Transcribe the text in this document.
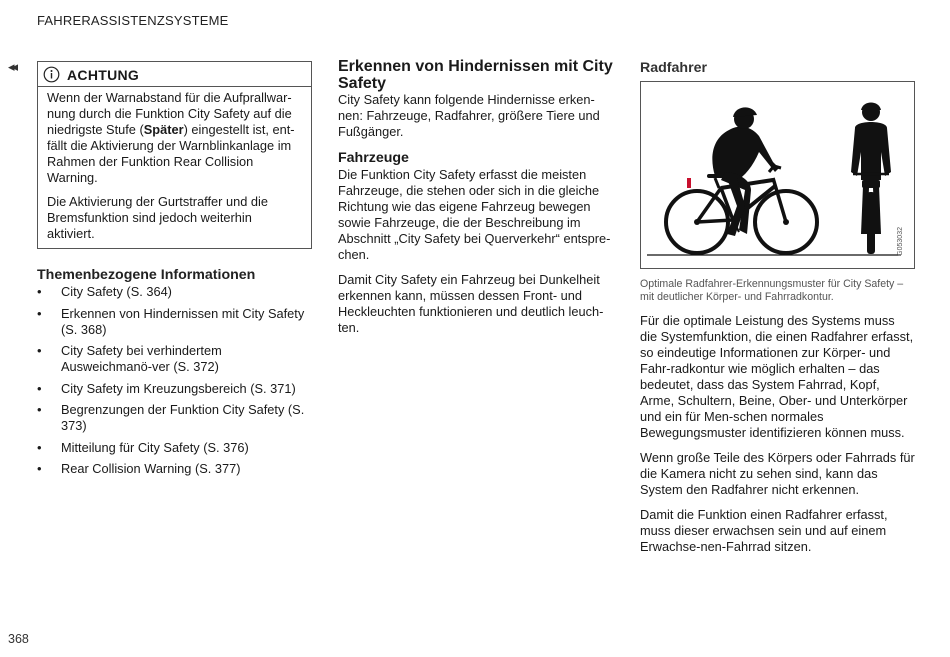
FAHRERASSISTENZSYSTEME
◂◂	ACHTUNG

Wenn der Warnabstand für die Aufprallwar-nung durch die Funktion City Safety auf die niedrigste Stufe (Später) eingestellt ist, ent-fällt die Aktivierung der Warnblinkanlage im Rahmen der Funktion Rear Collision Warning.

Die Aktivierung der Gurtstraffer und die Bremsfunktion sind jedoch weiterhin aktiviert.

Themenbezogene Informationen
• City Safety (S. 364)
• Erkennen von Hindernissen mit City Safety (S. 368)
• City Safety bei verhindertem Ausweichmanö-ver (S. 372)
• City Safety im Kreuzungsbereich (S. 371)
• Begrenzungen der Funktion City Safety (S. 373)
• Mitteilung für City Safety (S. 376)
• Rear Collision Warning (S. 377)
Erkennen von Hindernissen mit City Safety

City Safety kann folgende Hindernisse erken-nen: Fahrzeuge, Radfahrer, größere Tiere und Fußgänger.

Fahrzeuge

Die Funktion City Safety erfasst die meisten Fahrzeuge, die stehen oder sich in die gleiche Richtung wie das eigene Fahrzeug bewegen sowie Fahrzeuge, die der Beschreibung im Abschnitt „City Safety bei Querverkehr“ entspre-chen.

Damit City Safety ein Fahrzeug bei Dunkelheit erkennen kann, müssen dessen Front- und Heckleuchten funktionieren und deutlich leuch-ten.

Radfahrer
G053032

Optimale Radfahrer-Erkennungsmuster für City Safety – mit deutlicher Körper- und Fahrradkontur.

Für die optimale Leistung des Systems muss die Systemfunktion, die einen Radfahrer erfasst, so eindeutige Informationen zur Körper- und Fahr-radkontur wie möglich erhalten – das bedeutet, dass das System Fahrrad, Kopf, Arme, Schultern, Beine, Ober- und Unterkörper und ein für Men-schen normales Bewegungsmuster identifizieren können muss.

Wenn große Teile des Körpers oder Fahrrads für die Kamera nicht zu sehen sind, kann das System den Radfahrer nicht erkennen.

Damit die Funktion einen Radfahrer erfasst, muss dieser erwachsen sein und auf einem Erwachse-nen-Fahrrad sitzen.

368
